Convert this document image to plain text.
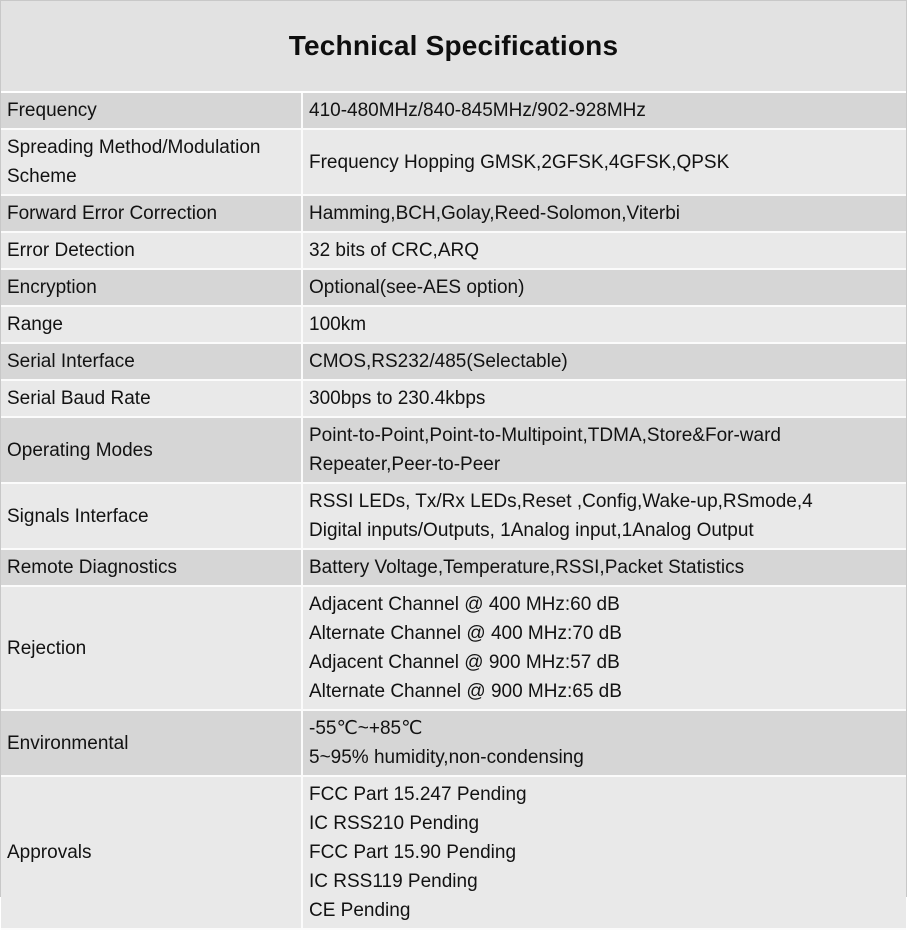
Technical Specifications
Frequency	410-480MHz/840-845MHz/902-928MHz

Spreading Method/Modulation Scheme	Frequency Hopping GMSK,2GFSK,4GFSK,QPSK

Forward Error Correction	Hamming,BCH,Golay,Reed-Solomon,Viterbi

Error Detection	32 bits of CRC,ARQ

Encryption	Optional(see-AES option)

Range	100km

Serial Interface	CMOS,RS232/485(Selectable)

Serial Baud Rate	300bps to 230.4kbps

Operating Modes	Point-to-Point,Point-to-Multipoint,TDMA,Store&For-ward
Repeater,Peer-to-Peer

Signals Interface	RSSI LEDs, Tx/Rx LEDs,Reset ,Config,Wake-up,RSmode,4
Digital inputs/Outputs, 1Analog input,1Analog Output

Remote Diagnostics	Battery Voltage,Temperature,RSSI,Packet Statistics

Rejection	Adjacent Channel @ 400 MHz:60 dB
Alternate Channel @ 400 MHz:70 dB
Adjacent Channel @ 900 MHz:57 dB
Alternate Channel @ 900 MHz:65 dB

Environmental	-55℃~+85℃
5~95% humidity,non-condensing

Approvals	FCC Part 15.247 Pending
IC RSS210 Pending
FCC Part 15.90 Pending
IC RSS119 Pending
CE Pending
